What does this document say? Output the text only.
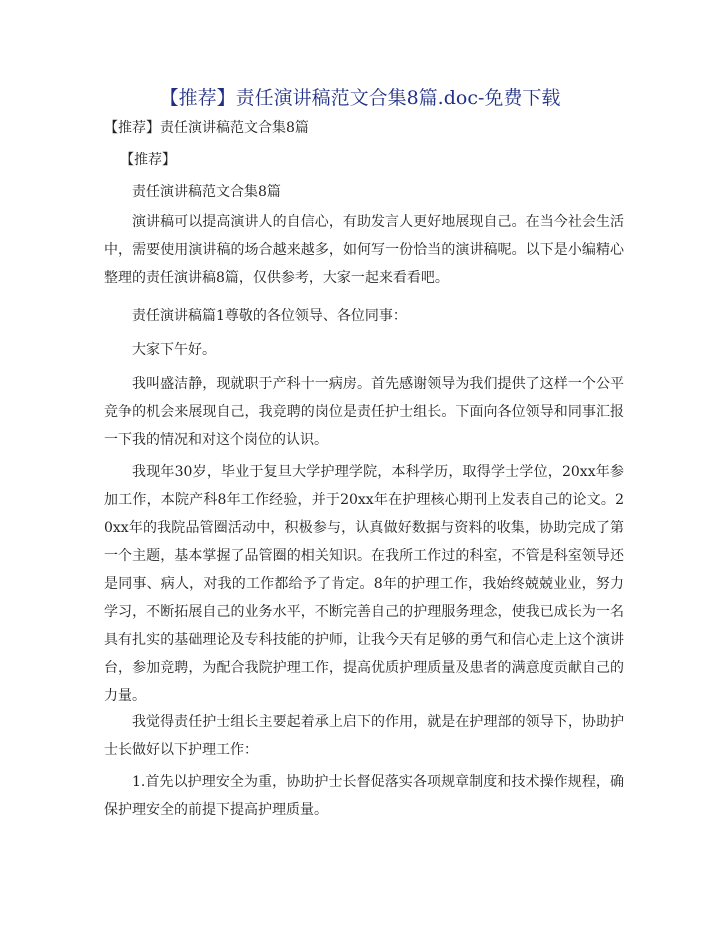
【推荐】责任演讲稿范文合集8篇.doc-免费下载

【推荐】责任演讲稿范文合集8篇

【推荐】

责任演讲稿范文合集8篇

演讲稿可以提高演讲人的自信心，有助发言人更好地展现自己。在当今社会生活中，需要使用演讲稿的场合越来越多，如何写一份恰当的演讲稿呢。以下是小编精心整理的责任演讲稿8篇，仅供参考，大家一起来看看吧。

责任演讲稿篇1尊敬的各位领导、各位同事：

大家下午好。

我叫盛洁静，现就职于产科十一病房。首先感谢领导为我们提供了这样一个公平竞争的机会来展现自己，我竞聘的岗位是责任护士组长。下面向各位领导和同事汇报一下我的情况和对这个岗位的认识。

我现年30岁，毕业于复旦大学护理学院，本科学历，取得学士学位，20xx年参加工作，本院产科8年工作经验，并于20xx年在护理核心期刊上发表自己的论文。20xx年的我院品管圈活动中，积极参与，认真做好数据与资料的收集，协助完成了第一个主题，基本掌握了品管圈的相关知识。在我所工作过的科室，不管是科室领导还是同事、病人，对我的工作都给予了肯定。8年的护理工作，我始终兢兢业业，努力学习，不断拓展自己的业务水平，不断完善自己的护理服务理念，使我已成长为一名具有扎实的基础理论及专科技能的护师，让我今天有足够的勇气和信心走上这个演讲台，参加竞聘，为配合我院护理工作，提高优质护理质量及患者的满意度贡献自己的力量。

我觉得责任护士组长主要起着承上启下的作用，就是在护理部的领导下，协助护士长做好以下护理工作：

1.首先以护理安全为重，协助护士长督促落实各项规章制度和技术操作规程，确保护理安全的前提下提高护理质量。
